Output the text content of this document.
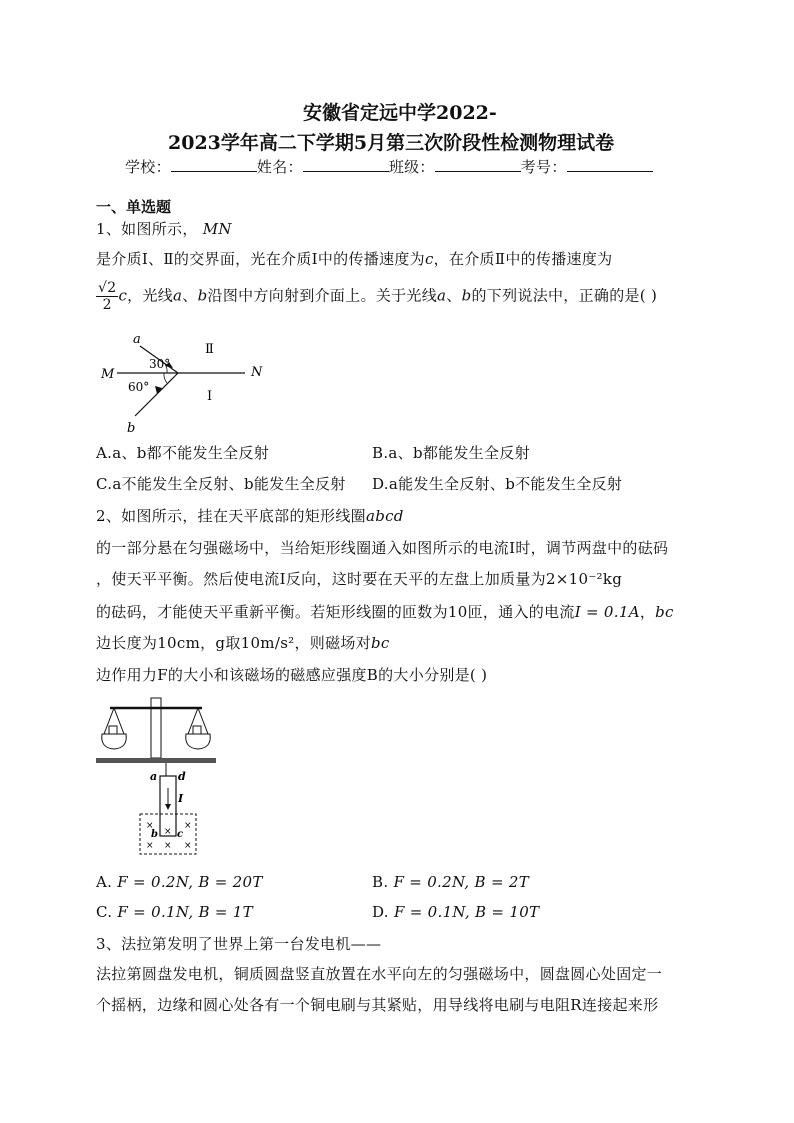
安徽省定远中学2022-
2023学年高二下学期5月第三次阶段性检测物理试卷
学校：	姓名：	班级：	考号：
一、单选题
1、如图所示， MN
是介质Ⅰ、Ⅱ的交界面，光在介质Ⅰ中的传播速度为c，在介质Ⅱ中的传播速度为
$\frac{√2}{2}$ c，光线a、b沿图中方向射到介面上。关于光线a、b的下列说法中，正确的是( )
a
b
M	N
Ⅱ
Ⅰ
30°
60°
A.a、b都不能发生全反射	B.a、b都能发生全反射
C.a不能发生全反射、b能发生全反射 D.a能发生全反射、b不能发生全反射
2、如图所示，挂在天平底部的矩形线圈abcd
的一部分悬在匀强磁场中，当给矩形线圈通入如图所示的电流I时，调节两盘中的砝码
，使天平平衡。然后使电流I反向，这时要在天平的左盘上加质量为2×10⁻²kg
的砝码，才能使天平重新平衡。若矩形线圈的匝数为10匝，通入的电流I = 0.1A，bc
边长度为10cm，g取10m/s²，则磁场对bc
边作用力F的大小和该磁场的磁感应强度B的大小分别是( )
a d
I
×	×
×
× × ×
b c
A. F = 0.2N, B = 20T	B. F = 0.2N, B = 2T
C. F = 0.1N, B = 1T	D. F = 0.1N, B = 10T
3、法拉第发明了世界上第一台发电机——
法拉第圆盘发电机，铜质圆盘竖直放置在水平向左的匀强磁场中，圆盘圆心处固定一
个摇柄，边缘和圆心处各有一个铜电刷与其紧贴，用导线将电刷与电阻R连接起来形
